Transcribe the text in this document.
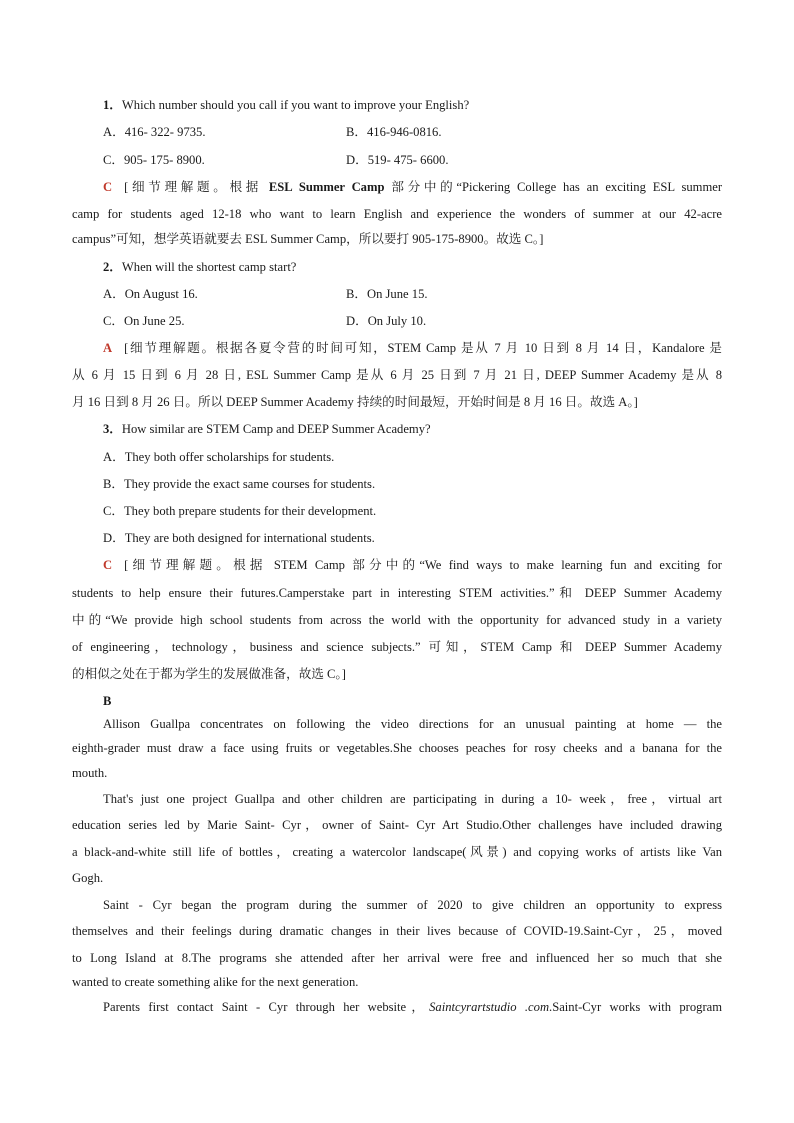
1．Which number should you call if you want to improve your English?
A．416- 322- 9735.	B．416-946-0816.
C．905- 175- 8900.	D．519- 475- 6600.
C [细节理解题。根据 ESL Summer Camp 部分中的“Pickering College has an exciting ESL summer
camp for students aged 12-18 who want to learn English and experience the wonders of summer at our 42-acre
campus”可知，想学英语就要去 ESL Summer Camp，所以要打 905-175-8900。故选 C。]
2．When will the shortest camp start?
A．On August 16.	B．On June 15.
C．On June 25.	D．On July 10.
A [细节理解题。根据各夏令营的时间可知，STEM Camp 是从 7 月 10 日到 8 月 14 日，Kandalore 是
从 6 月 15 日到 6 月 28 日, ESL Summer Camp 是从 6 月 25 日到 7 月 21 日, DEEP Summer Academy 是从 8
月 16 日到 8 月 26 日。所以 DEEP Summer Academy 持续的时间最短，开始时间是 8 月 16 日。故选 A。]
3．How similar are STEM Camp and DEEP Summer Academy?
A．They both offer scholarships for students.
B．They provide the exact same courses for students.
C．They both prepare students for their development.
D．They are both designed for international students.
C [细节理解题。根据 STEM Camp 部分中的“We find ways to make learning fun and exciting for
students to help ensure their futures.Camperstake part in interesting STEM activities.”和 DEEP Summer Academy
中的“We provide high school students from across the world with the opportunity for advanced study in a variety
of engineering，technology，business and science subjects.” 可知，STEM Camp 和 DEEP Summer Academy
的相似之处在于都为学生的发展做准备，故选 C。]
B
Allison Guallpa concentrates on following the video directions for an unusual painting at home — the
eighth-grader must draw a face using fruits or vegetables.She chooses peaches for rosy cheeks and a banana for the
mouth.
That's just one project Guallpa and other children are participating in during a 10- week，free，virtual art
education series led by Marie Saint- Cyr，owner of Saint- Cyr Art Studio.Other challenges have included drawing
a black-and-white still life of bottles，creating a watercolor landscape(风景) and copying works of artists like Van
Gogh.
Saint - Cyr began the program during the summer of 2020 to give children an opportunity to express
themselves and their feelings during dramatic changes in their lives because of COVID-19.Saint-Cyr，25，moved
to Long Island at 8.The programs she attended after her arrival were free and influenced her so much that she
wanted to create something alike for the next generation.
Parents first contact Saint - Cyr through her website，Saintcyrartstudio .com.Saint-Cyr works with program
